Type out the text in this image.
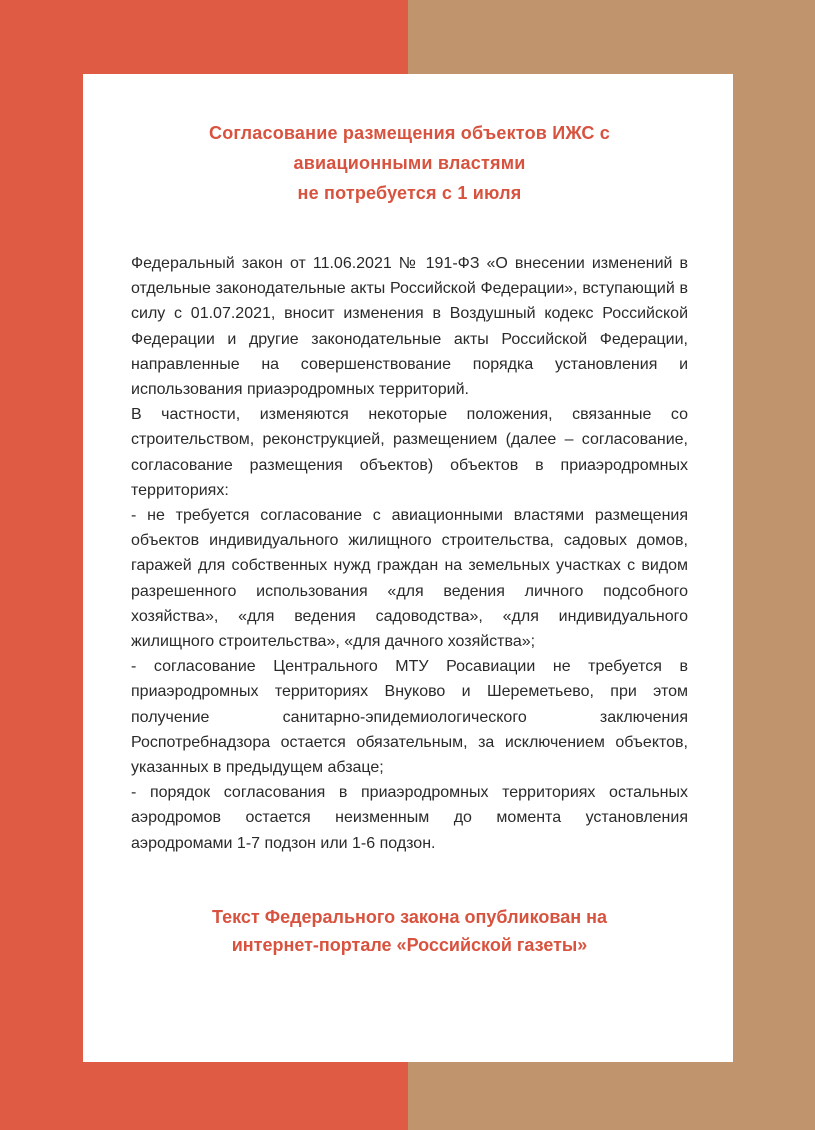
Согласование размещения объектов ИЖС с
авиационными властями
не потребуется с 1 июля

Федеральный закон от 11.06.2021 № 191-ФЗ «О внесении изменений в отдельные законодательные акты Российской Федерации», вступающий в силу с 01.07.2021, вносит изменения в Воздушный кодекс Российской Федерации и другие законодательные акты Российской Федерации, направленные на совершенствование порядка установления и использования приаэродромных территорий.

В частности, изменяются некоторые положения, связанные со строительством, реконструкцией, размещением (далее – согласование, согласование размещения объектов) объектов в приаэродромных территориях:

- не требуется согласование с авиационными властями размещения объектов индивидуального жилищного строительства, садовых домов, гаражей для собственных нужд граждан на земельных участках с видом разрешенного использования «для ведения личного подсобного хозяйства», «для ведения садоводства», «для индивидуального жилищного строительства», «для дачного хозяйства»;

- согласование Центрального МТУ Росавиации не требуется в приаэродромных территориях Внуково и Шереметьево, при этом получение санитарно-эпидемиологического заключения Роспотребнадзора остается обязательным, за исключением объектов, указанных в предыдущем абзаце;

- порядок согласования в приаэродромных территориях остальных аэродромов остается неизменным до момента установления аэродромами 1-7 подзон или 1-6 подзон.

Текст Федерального закона опубликован на
интернет-портале «Российской газеты»
